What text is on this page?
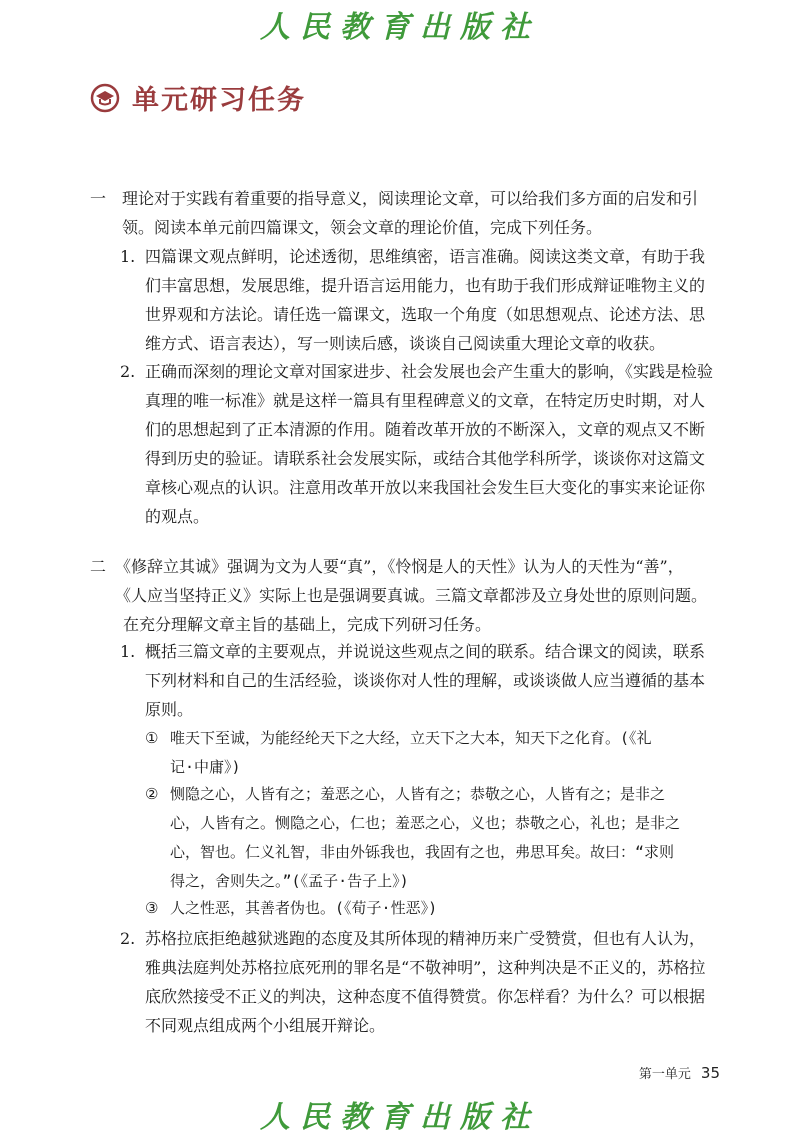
人民教育出版社
单元研习任务
一 理论对于实践有着重要的指导意义，阅读理论文章，可以给我们多方面的启发和引
领。阅读本单元前四篇课文，领会文章的理论价值，完成下列任务。
1. 四篇课文观点鲜明，论述透彻，思维缜密，语言准确。阅读这类文章，有助于我
们丰富思想，发展思维，提升语言运用能力，也有助于我们形成辩证唯物主义的
世界观和方法论。请任选一篇课文，选取一个角度（如思想观点、论述方法、思
维方式、语言表达），写一则读后感，谈谈自己阅读重大理论文章的收获。
2. 正确而深刻的理论文章对国家进步、社会发展也会产生重大的影响，《实践是检验
真理的唯一标准》就是这样一篇具有里程碑意义的文章，在特定历史时期，对人
们的思想起到了正本清源的作用。随着改革开放的不断深入，文章的观点又不断
得到历史的验证。请联系社会发展实际，或结合其他学科所学，谈谈你对这篇文
章核心观点的认识。注意用改革开放以来我国社会发生巨大变化的事实来论证你
的观点。
二 《修辞立其诚》强调为文为人要“真”，《怜悯是人的天性》认为人的天性为“善”，
《人应当坚持正义》实际上也是强调要真诚。三篇文章都涉及立身处世的原则问题。
在充分理解文章主旨的基础上，完成下列研习任务。
1. 概括三篇文章的主要观点，并说说这些观点之间的联系。结合课文的阅读，联系
下列材料和自己的生活经验，谈谈你对人性的理解，或谈谈做人应当遵循的基本
原则。
① 唯天下至诚，为能经纶天下之大经，立天下之大本，知天下之化育。(《礼
记·中庸》)
② 恻隐之心，人皆有之；羞恶之心，人皆有之；恭敬之心，人皆有之；是非之
心，人皆有之。恻隐之心，仁也；羞恶之心，义也；恭敬之心，礼也；是非之
心，智也。仁义礼智，非由外铄我也，我固有之也，弗思耳矣。故曰：“求则
得之，舍则失之。”(《孟子·告子上》)
③ 人之性恶，其善者伪也。(《荀子·性恶》)
2. 苏格拉底拒绝越狱逃跑的态度及其所体现的精神历来广受赞赏，但也有人认为，
雅典法庭判处苏格拉底死刑的罪名是“不敬神明”，这种判决是不正义的，苏格拉
底欣然接受不正义的判决，这种态度不值得赞赏。你怎样看？为什么？可以根据
不同观点组成两个小组展开辩论。
第一单元 35
人民教育出版社
